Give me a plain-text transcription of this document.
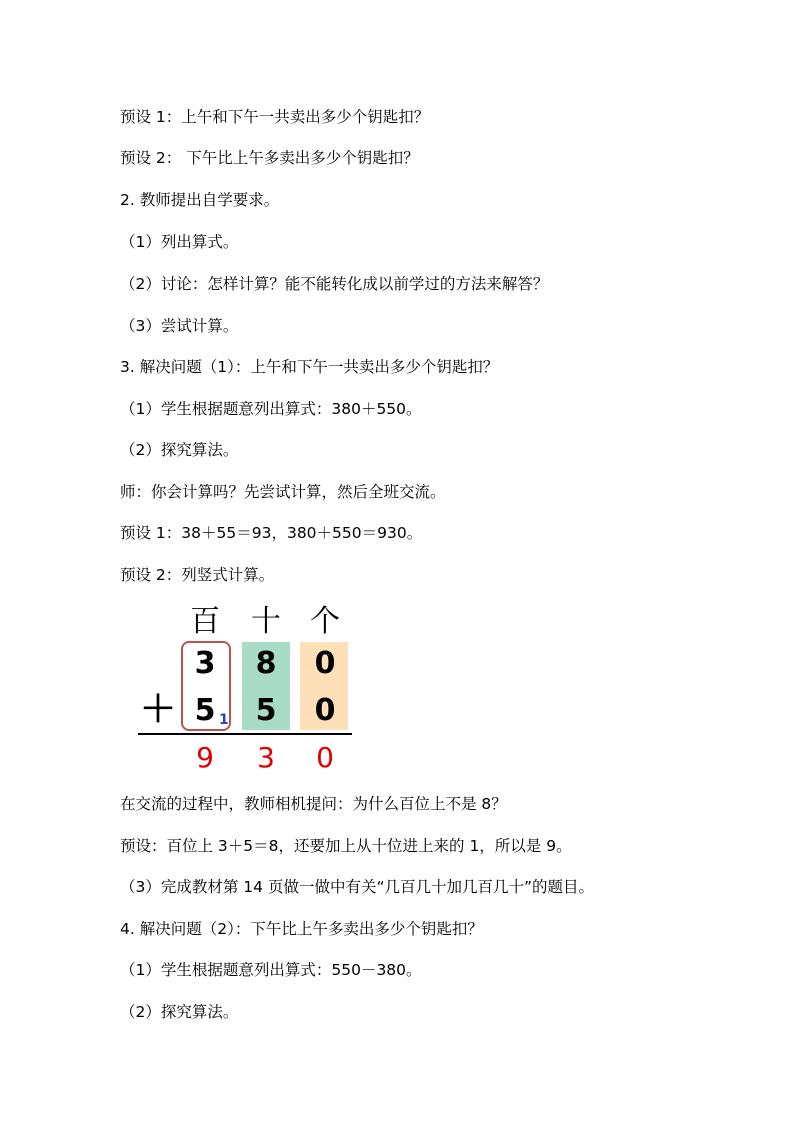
预设 1：上午和下午一共卖出多少个钥匙扣？
预设 2： 下午比上午多卖出多少个钥匙扣？
2. 教师提出自学要求。
（1）列出算式。
（2）讨论：怎样计算？能不能转化成以前学过的方法来解答？
（3）尝试计算。
3. 解决问题（1）：上午和下午一共卖出多少个钥匙扣？
（1）学生根据题意列出算式：380＋550。
（2）探究算法。
师：你会计算吗？先尝试计算，然后全班交流。
预设 1：38＋55＝93，380＋550＝930。
预设 2：列竖式计算。
百	十 个
3	8	0
＋ 5	5	0
1
9	3	0
在交流的过程中，教师相机提问：为什么百位上不是 8？
预设：百位上 3＋5＝8，还要加上从十位进上来的 1，所以是 9。
（3）完成教材第 14 页做一做中有关“几百几十加几百几十”的题目。
4. 解决问题（2）：下午比上午多卖出多少个钥匙扣？
（1）学生根据题意列出算式：550－380。
（2）探究算法。
